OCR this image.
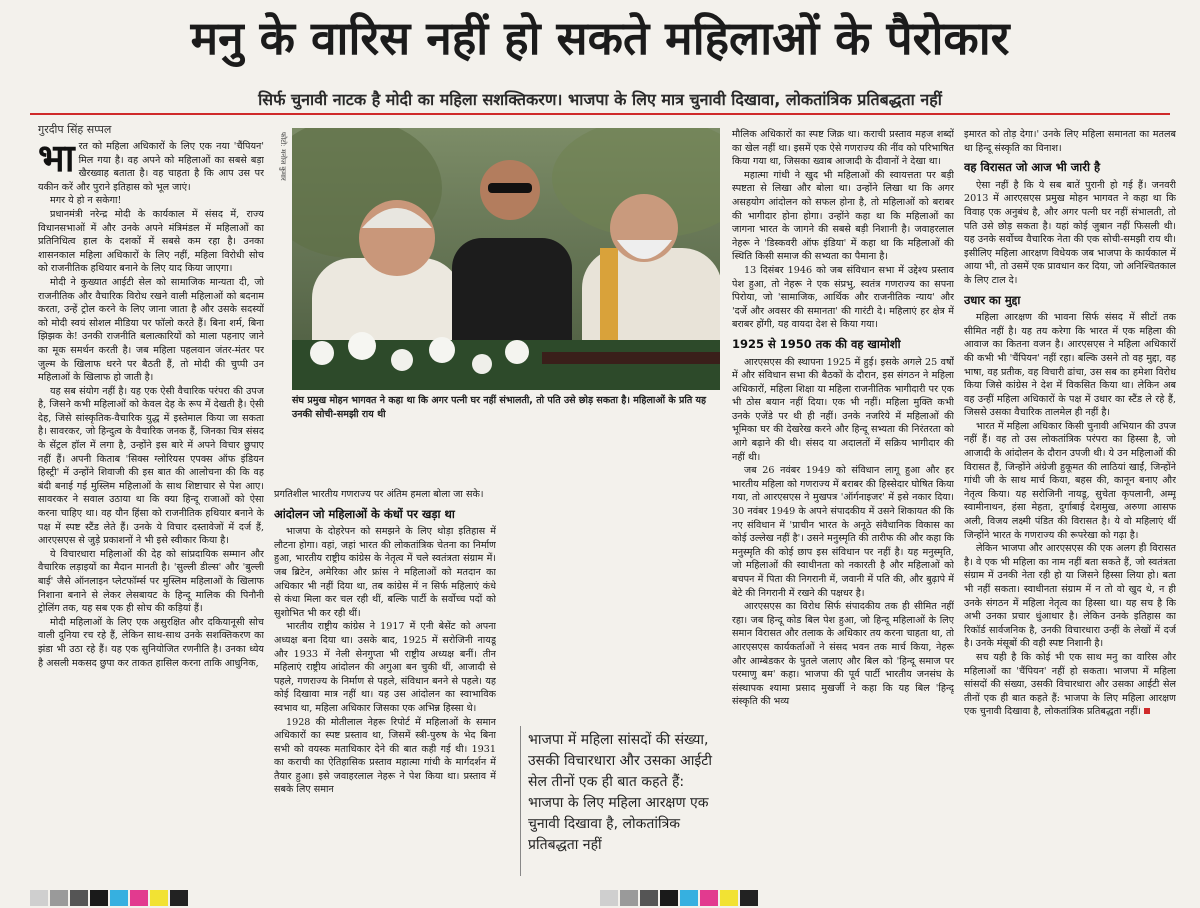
मनु के वारिस नहीं हो सकते महिलाओं के पैरोकार
सिर्फ चुनावी नाटक है मोदी का महिला सशक्तिकरण। भाजपा के लिए मात्र चुनावी दिखावा, लोकतांत्रिक प्रतिबद्धता नहीं
गुरदीप सिंह सप्पल

भारत को महिला अधिकारों के लिए एक नया 'चैंपियन' मिल गया है। वह अपने को महिलाओं का सबसे बड़ा खैरख्वाह बताता है। वह चाहता है कि आप उस पर यकीन करें और पुराने इतिहास को भूल जाएं।

मगर ये हो न सकेगा!

प्रधानमंत्री नरेन्द्र मोदी के कार्यकाल में संसद में, राज्य विधानसभाओं में और उनके अपने मंत्रिमंडल में महिलाओं का प्रतिनिधित्व हाल के दशकों में सबसे कम रहा है। उनका शासनकाल महिला अधिकारों के लिए नहीं, महिला विरोधी सोच को राजनीतिक हथियार बनाने के लिए याद किया जाएगा।

मोदी ने कुख्यात आईटी सेल को सामाजिक मान्यता दी, जो राजनीतिक और वैचारिक विरोध रखने वाली महिलाओं को बदनाम करता, उन्हें ट्रोल करने के लिए जाना जाता है और उसके सदस्यों को मोदी स्वयं सोशल मीडिया पर फॉलो करते हैं। बिना शर्म, बिना झिझक के! उनकी राजनीति बलात्कारियों को माला पहनाए जाने का मूक समर्थन करती है। जब महिला पहलवान जंतर-मंतर पर जुल्म के खिलाफ धरने पर बैठती हैं, तो मोदी की चुप्पी उन महिलाओं के खिलाफ हो जाती है।

यह सब संयोग नहीं है। यह एक ऐसी वैचारिक परंपरा की उपज है, जिसने कभी महिलाओं को केवल देह के रूप में देखती है। ऐसी देह, जिसे सांस्कृतिक-वैचारिक युद्ध में इस्तेमाल किया जा सकता है। सावरकर, जो हिन्दुत्व के वैचारिक जनक हैं, जिनका चित्र संसद के सेंट्रल हॉल में लगा है, उन्होंने इस बारे में अपने विचार छुपाए नहीं हैं। अपनी किताब 'सिक्स ग्लोरियस एपक्स ऑफ इंडियन हिस्ट्री' में उन्होंने शिवाजी की इस बात की आलोचना की कि वह बंदी बनाई गई मुस्लिम महिलाओं के साथ शिष्टाचार से पेश आए। सावरकर ने सवाल उठाया था कि क्या हिन्दू राजाओं को ऐसा करना चाहिए था। वह यौन हिंसा को राजनीतिक हथियार बनाने के पक्ष में स्पष्ट स्टैंड लेते हैं। उनके ये विचार दस्तावेजों में दर्ज हैं, आरएसएस से जुड़े प्रकाशनों ने भी इसे स्वीकार किया है।

ये विचारधारा महिलाओं की देह को सांप्रदायिक सम्मान और वैचारिक लड़ाइयों का मैदान मानती है। 'सुल्ली डील्स' और 'बुल्ली बाई' जैसे ऑनलाइन प्लेटफॉर्म्स पर मुस्लिम महिलाओं के खिलाफ निशाना बनाने से लेकर लेसबायट के हिन्दू मालिक की पिनौनी ट्रोलिंग तक, यह सब एक ही सोच की कड़ियां हैं।

मोदी महिलाओं के लिए एक असुरक्षित और दकियानूसी सोच वाली दुनिया रच रहे हैं, लेकिन साथ-साथ उनके सशक्तिकरण का झंडा भी उठा रहे हैं। यह एक सुनियोजित रणनीति है। उनका ध्येय है असली मकसद छुपा कर ताकत हासिल करना ताकि आधुनिक,

फोटो: मनोज कुमार
संघ प्रमुख मोहन भागवत ने कहा था कि अगर पत्नी घर नहीं संभालती, तो पति उसे छोड़ सकता है। महिलाओं के प्रति यह उनकी सोची-समझी राय थी

प्रगतिशील भारतीय गणराज्य पर अंतिम हमला बोला जा सके।

आंदोलन जो महिलाओं के कंधों पर खड़ा था

भाजपा के दोहरेपन को समझने के लिए थोड़ा इतिहास में लौटना होगा। वहां, जहां भारत की लोकतांत्रिक चेतना का निर्माण हुआ, भारतीय राष्ट्रीय कांग्रेस के नेतृत्व में चले स्वतंत्रता संग्राम में। जब ब्रिटेन, अमेरिका और फ्रांस ने महिलाओं को मतदान का अधिकार भी नहीं दिया था, तब कांग्रेस में न सिर्फ महिलाएं कंधे से कंधा मिला कर चल रही थीं, बल्कि पार्टी के सर्वोच्च पदों को सुशोभित भी कर रही थीं।

भारतीय राष्ट्रीय कांग्रेस ने 1917 में एनी बेसेंट को अपना अध्यक्ष बना दिया था। उसके बाद, 1925 में सरोजिनी नायडू और 1933 में नेली सेनगुप्ता भी राष्ट्रीय अध्यक्ष बनीं। तीन महिलाएं राष्ट्रीय आंदोलन की अगुआ बन चुकी थीं, आजादी से पहले, गणराज्य के निर्माण से पहले, संविधान बनने से पहले। यह कोई दिखावा मात्र नहीं था। यह उस आंदोलन का स्वाभाविक स्वभाव था, महिला अधिकार जिसका एक अभिन्न हिस्सा थे।

1928 की मोतीलाल नेहरू रिपोर्ट में महिलाओं के समान अधिकारों का स्पष्ट प्रस्ताव था, जिसमें स्त्री-पुरुष के भेद बिना सभी को वयस्क मताधिकार देने की बात कही गई थी। 1931 का कराची का ऐतिहासिक प्रस्ताव महात्मा गांधी के मार्गदर्शन में तैयार हुआ। इसे जवाहरलाल नेहरू ने पेश किया था। प्रस्ताव में सबके लिए समान

भाजपा में महिला सांसदों की संख्या, उसकी विचारधारा और उसका आईटी सेल तीनों एक ही बात कहते हैं: भाजपा के लिए महिला आरक्षण एक चुनावी दिखावा है, लोकतांत्रिक प्रतिबद्धता नहीं

मौलिक अधिकारों का स्पष्ट जिक्र था। कराची प्रस्ताव महज शब्दों का खेल नहीं था। इसमें एक ऐसे गणराज्य की नींव को परिभाषित किया गया था, जिसका ख्वाब आजादी के दीवानों ने देखा था।

महात्मा गांधी ने खुद भी महिलाओं की स्वायत्तता पर बड़ी स्पष्टता से लिखा और बोला था। उन्होंने लिखा था कि अगर असहयोग आंदोलन को सफल होना है, तो महिलाओं को बराबर की भागीदार होना होगा। उन्होंने कहा था कि महिलाओं का जागना भारत के जागने की सबसे बड़ी निशानी है। जवाहरलाल नेहरू ने 'डिस्कवरी ऑफ इंडिया' में कहा था कि महिलाओं की स्थिति किसी समाज की सभ्यता का पैमाना है।

13 दिसंबर 1946 को जब संविधान सभा में उद्देश्य प्रस्ताव पेश हुआ, तो नेहरू ने एक संप्रभु, स्वतंत्र गणराज्य का सपना पिरोया, जो 'सामाजिक, आर्थिक और राजनीतिक न्याय' और 'दर्जे और अवसर की समानता' की गारंटी दे। महिलाएं हर क्षेत्र में बराबर होंगी, यह वायदा देश से किया गया।

1925 से 1950 तक की वह खामोशी

आरएसएस की स्थापना 1925 में हुई। इसके अगले 25 वर्षों में और संविधान सभा की बैठकों के दौरान, इस संगठन ने महिला अधिकारों, महिला शिक्षा या महिला राजनीतिक भागीदारी पर एक भी ठोस बयान नहीं दिया। एक भी नहीं। महिला मुक्ति कभी उनके एजेंडे पर थी ही नहीं। उनके नजरिये में महिलाओं की भूमिका घर की देखरेख करने और हिन्दू सभ्यता की निरंतरता को आगे बढ़ाने की थी। संसद या अदालतों में सक्रिय भागीदार की नहीं थी।

जब 26 नवंबर 1949 को संविधान लागू हुआ और हर भारतीय महिला को गणराज्य में बराबर की हिस्सेदार घोषित किया गया, तो आरएसएस ने मुखपत्र 'ऑर्गनाइजर' में इसे नकार दिया। 30 नवंबर 1949 के अपने संपादकीय में उसने शिकायत की कि नए संविधान में 'प्राचीन भारत के अनूठे संवैधानिक विकास का कोई उल्लेख नहीं है'। उसने मनुस्मृति की तारीफ की और कहा कि मनुस्मृति की कोई छाप इस संविधान पर नहीं है। यह मनुस्मृति, जो महिलाओं की स्वाधीनता को नकारती है और महिलाओं को बचपन में पिता की निगरानी में, जवानी में पति की, और बुढ़ापे में बेटे की निगरानी में रखने की पक्षधर है।

आरएसएस का विरोध सिर्फ संपादकीय तक ही सीमित नहीं रहा। जब हिन्दू कोड बिल पेश हुआ, जो हिन्दू महिलाओं के लिए समान विरासत और तलाक के अधिकार तय करना चाहता था, तो आरएसएस कार्यकर्ताओं ने संसद भवन तक मार्च किया, नेहरू और आम्बेडकर के पुतले जलाए और बिल को 'हिन्दू समाज पर परमाणु बम' कहा। भाजपा की पूर्व पार्टी भारतीय जनसंघ के संस्थापक श्यामा प्रसाद मुखर्जी ने कहा कि यह बिल 'हिन्दू संस्कृति की भव्य

इमारत को तोड़ देगा।' उनके लिए महिला समानता का मतलब था हिन्दू संस्कृति का विनाश।

वह विरासत जो आज भी जारी है

ऐसा नहीं है कि ये सब बातें पुरानी हो गई हैं। जनवरी 2013 में आरएसएस प्रमुख मोहन भागवत ने कहा था कि विवाह एक अनुबंध है, और अगर पत्नी घर नहीं संभालती, तो पति उसे छोड़ सकता है। यहां कोई जुबान नहीं फिसली थी। यह उनके सर्वोच्च वैचारिक नेता की एक सोची-समझी राय थी। इसीलिए महिला आरक्षण विधेयक जब भाजपा के कार्यकाल में आया भी, तो उसमें एक प्रावधान कर दिया, जो अनिश्चितकाल के लिए टाल दे।

उधार का मुद्दा

महिला आरक्षण की भावना सिर्फ संसद में सीटों तक सीमित नहीं है। यह तय करेगा कि भारत में एक महिला की आवाज का कितना वजन है। आरएसएस ने महिला अधिकारों की कभी भी 'चैंपियन' नहीं रहा। बल्कि उसने तो वह मुद्दा, वह भाषा, वह प्रतीक, वह विचारी ढांचा, उस सब का हमेशा विरोध किया जिसे कांग्रेस ने देश में विकसित किया था। लेकिन अब वह उन्हीं महिला अधिकारों के पक्ष में उधार का स्टैंड ले रहे हैं, जिससे उसका वैचारिक तालमेल ही नहीं है।

भारत में महिला अधिकार किसी चुनावी अभियान की उपज नहीं हैं। वह तो उस लोकतांत्रिक परंपरा का हिस्सा है, जो आजादी के आंदोलन के दौरान उपजी थी। ये उन महिलाओं की विरासत हैं, जिन्होंने अंग्रेजी हुकूमत की लाठियां खाईं, जिन्होंने गांधी जी के साथ मार्च किया, बहस की, कानून बनाए और नेतृत्व किया। यह सरोजिनी नायडू, सुचेता कृपलानी, अम्मू स्वामीनाथन, हंसा मेहता, दुर्गाबाई देशमुख, अरुणा आसफ अली, विजय लक्ष्मी पंडित की विरासत है। ये वो महिलाएं थीं जिन्होंने भारत के गणराज्य की रूपरेखा को गढ़ा है।

लेकिन भाजपा और आरएसएस की एक अलग ही विरासत है। वे एक भी महिला का नाम नहीं बता सकते हैं, जो स्वतंत्रता संग्राम में उनकी नेता रही हो या जिसने हिस्सा लिया हो। बता भी नहीं सकता। स्वाधीनता संग्राम में न तो वो खुद थे, न ही उनके संगठन में महिला नेतृत्व का हिस्सा था। यह सच है कि अभी उनका प्रचार धुंआधार है। लेकिन उनके इतिहास का रिकॉर्ड सार्वजनिक है, उनकी विचारधारा उन्हीं के लेखों में दर्ज है। उनके मंसूबों की वही स्पष्ट निशानी है।

सच यही है कि कोई भी एक साथ मनु का वारिस और महिलाओं का 'चैंपियन' नहीं हो सकता। भाजपा में महिला सांसदों की संख्या, उसकी विचारधारा और उसका आईटी सेल तीनों एक ही बात कहते हैं: भाजपा के लिए महिला आरक्षण एक चुनावी दिखावा है, लोकतांत्रिक प्रतिबद्धता नहीं।
